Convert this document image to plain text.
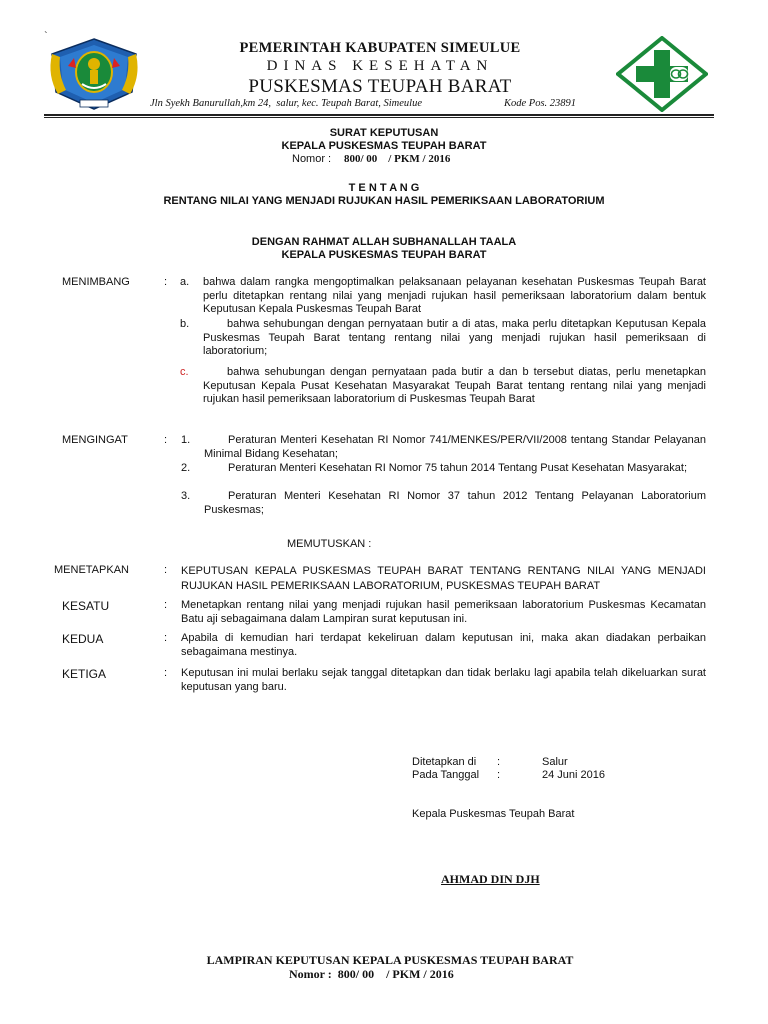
`
PEMERINTAH KABUPATEN SIMEULUE
DINAS KESEHATAN
PUSKESMAS TEUPAH BARAT
Jln Syekh Banurullah,km 24,  salur, kec. Teupah Barat, Simeulue	Kode Pos. 23891
SURAT KEPUTUSAN
KEPALA PUSKESMAS TEUPAH BARAT
Nomor : 800/ 00    / PKM / 2016
T E N T A N G
RENTANG NILAI YANG MENJADI RUJUKAN HASIL PEMERIKSAAN LABORATORIUM
DENGAN RAHMAT ALLAH SUBHANALLAH TAALA
KEPALA PUSKESMAS TEUPAH BARAT
MENIMBANG	: a. bahwa dalam rangka mengoptimalkan pelaksanaan pelayanan kesehatan Puskesmas Teupah Barat perlu ditetapkan rentang nilai yang menjadi rujukan hasil pemeriksaan laboratorium dalam bentuk Keputusan Kepala Puskesmas Teupah Barat
b.	bahwa sehubungan dengan pernyataan butir a di atas, maka perlu ditetapkan Keputusan Kepala Puskesmas Teupah Barat tentang rentang nilai yang menjadi rujukan hasil pemeriksaan di laboratorium;
c.	bahwa sehubungan dengan pernyataan pada butir a dan b tersebut diatas, perlu menetapkan Keputusan Kepala Pusat Kesehatan Masyarakat Teupah Barat tentang rentang nilai yang menjadi rujukan hasil pemeriksaan laboratorium di Puskesmas Teupah Barat
MENGINGAT	: 1.	Peraturan Menteri Kesehatan RI Nomor 741/MENKES/PER/VII/2008 tentang Standar Pelayanan Minimal Bidang Kesehatan;
2.	Peraturan Menteri Kesehatan RI Nomor 75 tahun 2014 Tentang Pusat Kesehatan Masyarakat;
3.	Peraturan Menteri Kesehatan RI Nomor 37 tahun 2012 Tentang Pelayanan Laboratorium Puskesmas;
MEMUTUSKAN :
MENETAPKAN	: KEPUTUSAN KEPALA PUSKESMAS TEUPAH BARAT TENTANG RENTANG NILAI YANG MENJADI RUJUKAN HASIL PEMERIKSAAN LABORATORIUM, PUSKESMAS TEUPAH BARAT
KESATU	: Menetapkan rentang nilai yang menjadi rujukan hasil pemeriksaan laboratorium Puskesmas Kecamatan Batu aji sebagaimana dalam Lampiran surat keputusan ini.
KEDUA	: Apabila di kemudian hari terdapat kekeliruan dalam keputusan ini, maka akan diadakan perbaikan sebagaimana mestinya.
KETIGA	: Keputusan ini mulai berlaku sejak tanggal ditetapkan dan tidak berlaku lagi apabila telah dikeluarkan surat keputusan yang baru.
Ditetapkan di :	Salur
Pada Tanggal :	24 Juni 2016
Kepala Puskesmas Teupah Barat
AHMAD DIN DJH
LAMPIRAN KEPUTUSAN KEPALA PUSKESMAS TEUPAH BARAT
Nomor :  800/ 00    / PKM / 2016
